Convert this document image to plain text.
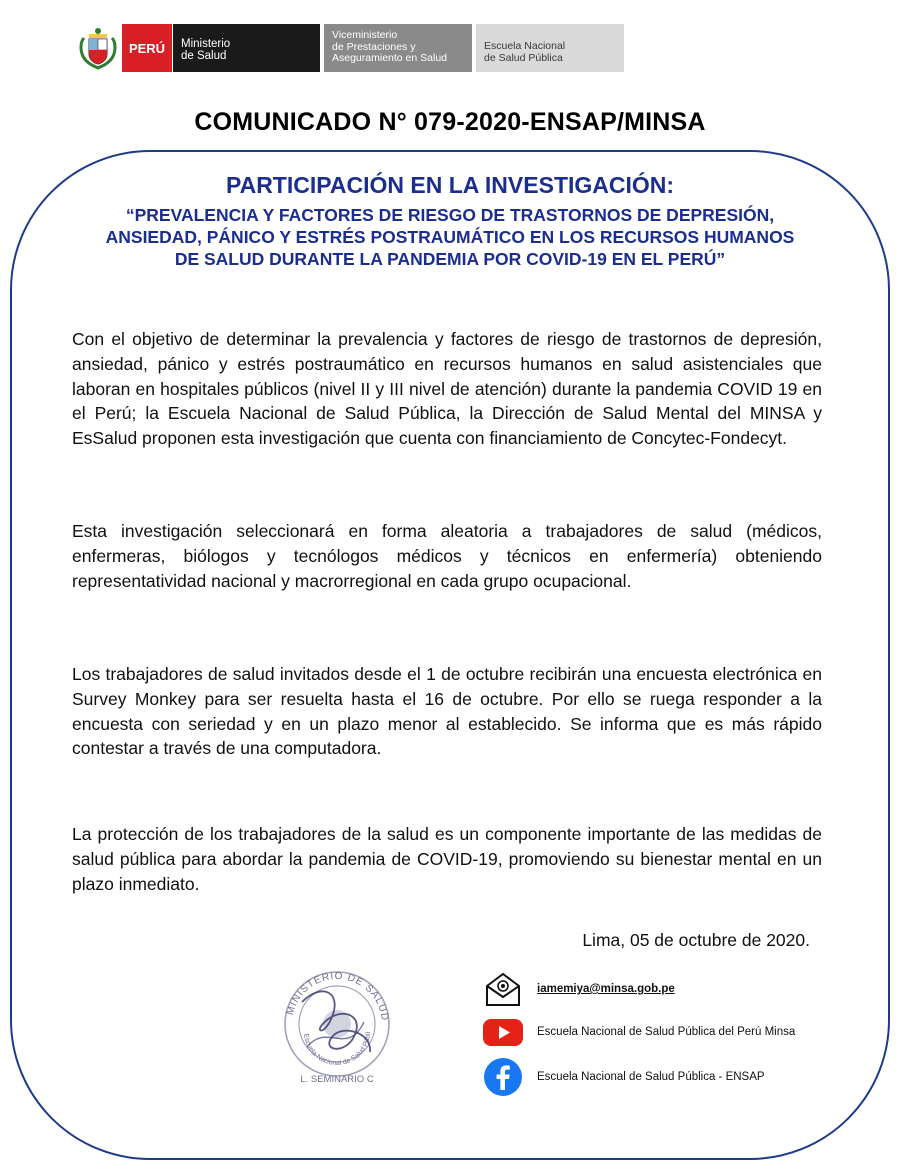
PERÚ	Ministerio
de Salud
Viceministerio
de Prestaciones y
Aseguramiento en Salud
Escuela Nacional
de Salud Pública
COMUNICADO N° 079-2020-ENSAP/MINSA
PARTICIPACIÓN EN LA INVESTIGACIÓN:
“PREVALENCIA Y FACTORES DE RIESGO DE TRASTORNOS DE DEPRESIÓN, ANSIEDAD, PÁNICO Y ESTRÉS POSTRAUMÁTICO EN LOS RECURSOS HUMANOS DE SALUD DURANTE LA PANDEMIA POR COVID-19 EN EL PERÚ”

Con el objetivo de determinar la prevalencia y factores de riesgo de trastornos de depresión, ansiedad, pánico y estrés postraumático en recursos humanos en salud asistenciales que laboran en hospitales públicos (nivel II y III nivel de atención) durante la pandemia COVID 19 en el Perú; la Escuela Nacional de Salud Pública, la Dirección de Salud Mental del MINSA y EsSalud proponen esta investigación que cuenta con financiamiento de Concytec-Fondecyt.

Esta investigación seleccionará en forma aleatoria a trabajadores de salud (médicos, enfermeras, biólogos y tecnólogos médicos y técnicos en enfermería) obteniendo representatividad nacional y macrorregional en cada grupo ocupacional.

Los trabajadores de salud invitados desde el 1 de octubre recibirán una encuesta electrónica en Survey Monkey para ser resuelta hasta el 16 de octubre. Por ello se ruega responder a la encuesta con seriedad y en un plazo menor al establecido. Se informa que es más rápido contestar a través de una computadora.

La protección de los trabajadores de la salud es un componente importante de las medidas de salud pública para abordar la pandemia de COVID-19, promoviendo su bienestar mental en un plazo inmediato.

Lima, 05 de octubre de 2020.
MINISTERIO DE SALUD
Escuela Nacional de Salud Públi
L. SEMINARIO C
iamemiya@minsa.gob.pe
Escuela Nacional de Salud Pública del Perú Minsa
Escuela Nacional de Salud Pública - ENSAP
